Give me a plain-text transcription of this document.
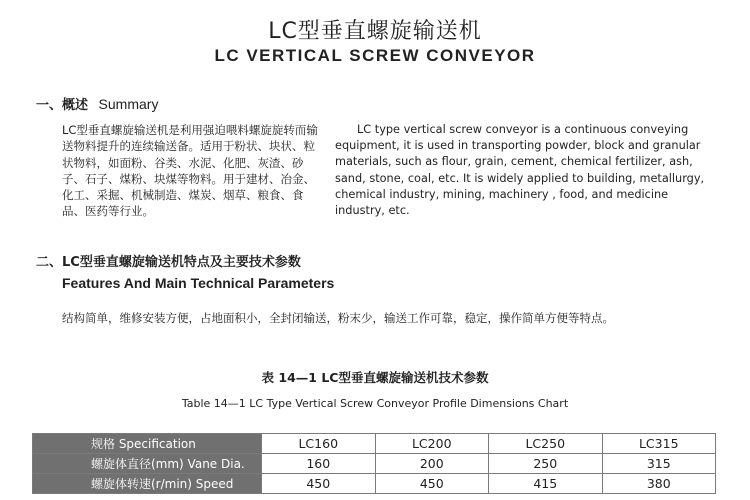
LC型垂直螺旋输送机
LC VERTICAL SCREW CONVEYOR
一、概述 Summary
LC型垂直螺旋输送机是利用强迫喂料螺旋旋转而输送物料提升的连续输送备。适用于粉状、块状、粒状物料，如面粉、谷类、水泥、化肥、灰渣、砂子、石子、煤粉、块煤等物料。用于建材、冶金、化工、采掘、机械制造、煤炭、烟草、粮食、食品、医药等行业。
LC type vertical screw conveyor is a continuous conveying equipment, it is used in transporting powder, block and granular materials, such as flour, grain, cement, chemical fertilizer, ash, sand, stone, coal, etc. It is widely applied to building, metallurgy, chemical industry, mining, machinery , food, and medicine industry, etc.
二、LC型垂直螺旋输送机特点及主要技术参数
Features And Main Technical Parameters
结构简单，维修安装方便，占地面积小，全封闭输送，粉末少，输送工作可靠，稳定，操作简单方便等特点。
表 14—1 LC型垂直螺旋输送机技术参数
Table 14—1 LC Type Vertical Screw Conveyor Profile Dimensions Chart
规格 Specification	LC160	LC200	LC250	LC315
螺旋体直径(mm) Vane Dia.	160	200	250	315
螺旋体转速(r/min) Speed	450	450	415	380
